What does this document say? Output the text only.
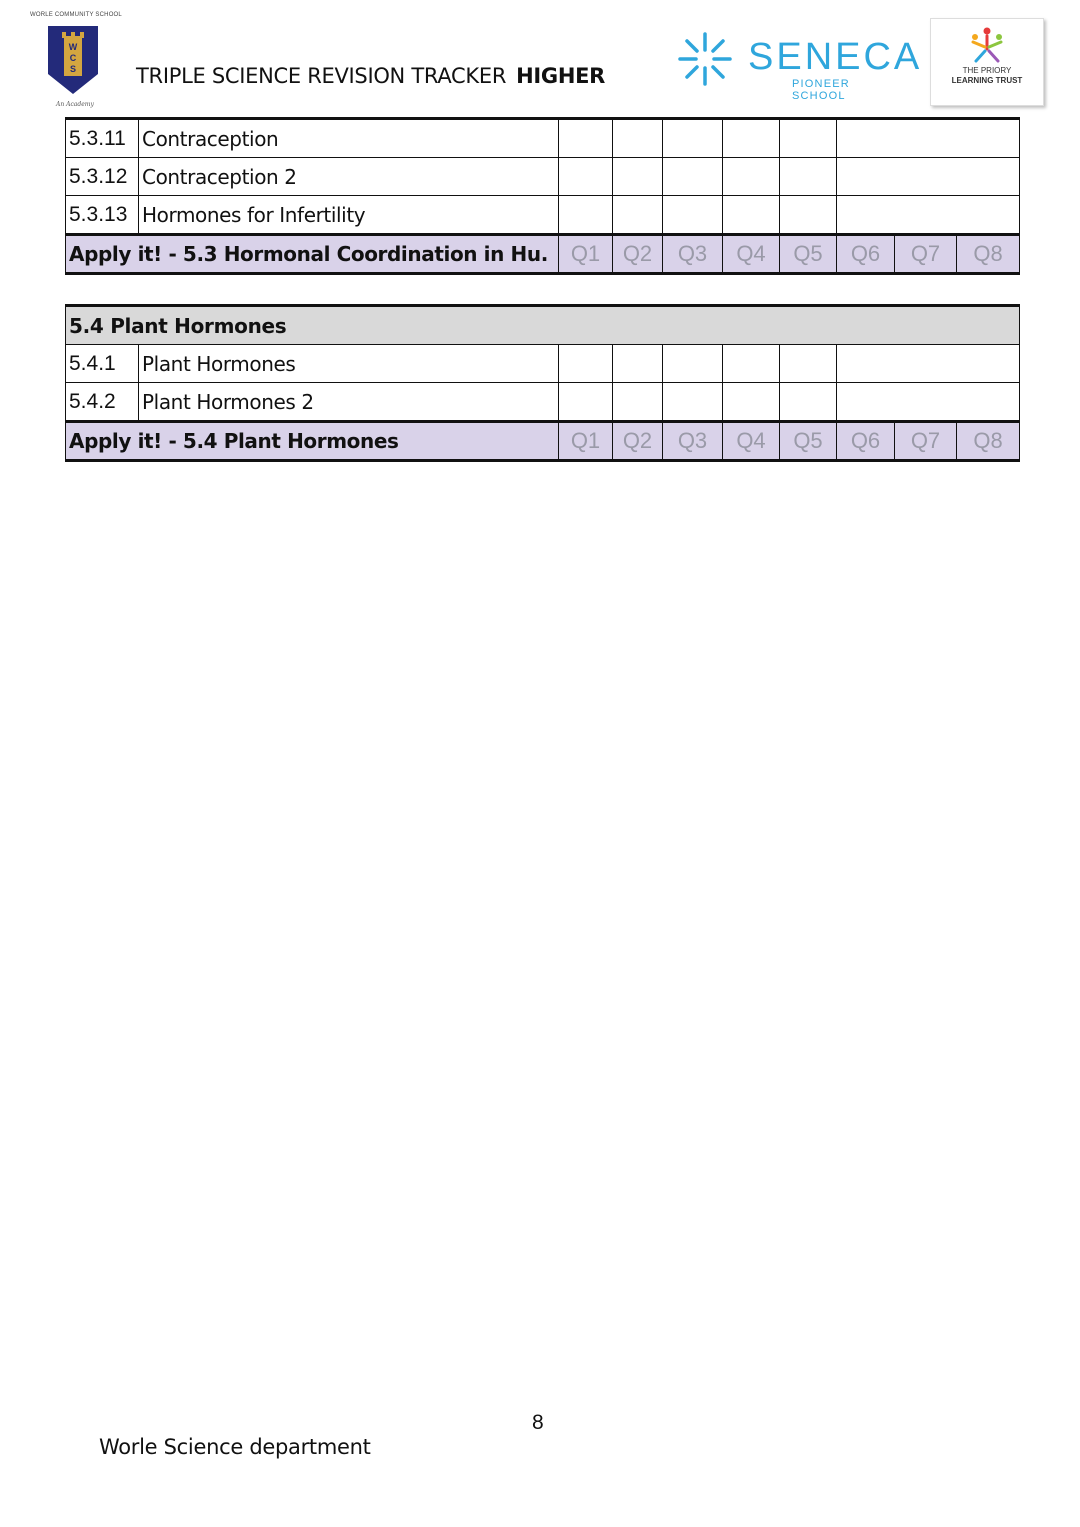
WORLE COMMUNITY SCHOOL
W
C
S
An Academy
TRIPLE SCIENCE REVISION TRACKER HIGHER	SENECA
PIONEER SCHOOL
THE PRIORY

LEARNING TRUST
5.3.11	Contraception								
5.3.12	Contraception 2								
5.3.13	Hormones for Infertility								
Apply it! - 5.3 Hormonal Coordination in Hu.		Q1	Q2	Q3	Q4	Q5	Q6	Q7	Q8
5.4 Plant Hormones									
5.4.1	Plant Hormones								
5.4.2	Plant Hormones 2								
Apply it! - 5.4 Plant Hormones		Q1	Q2	Q3	Q4	Q5	Q6	Q7	Q8
8
Worle Science department
